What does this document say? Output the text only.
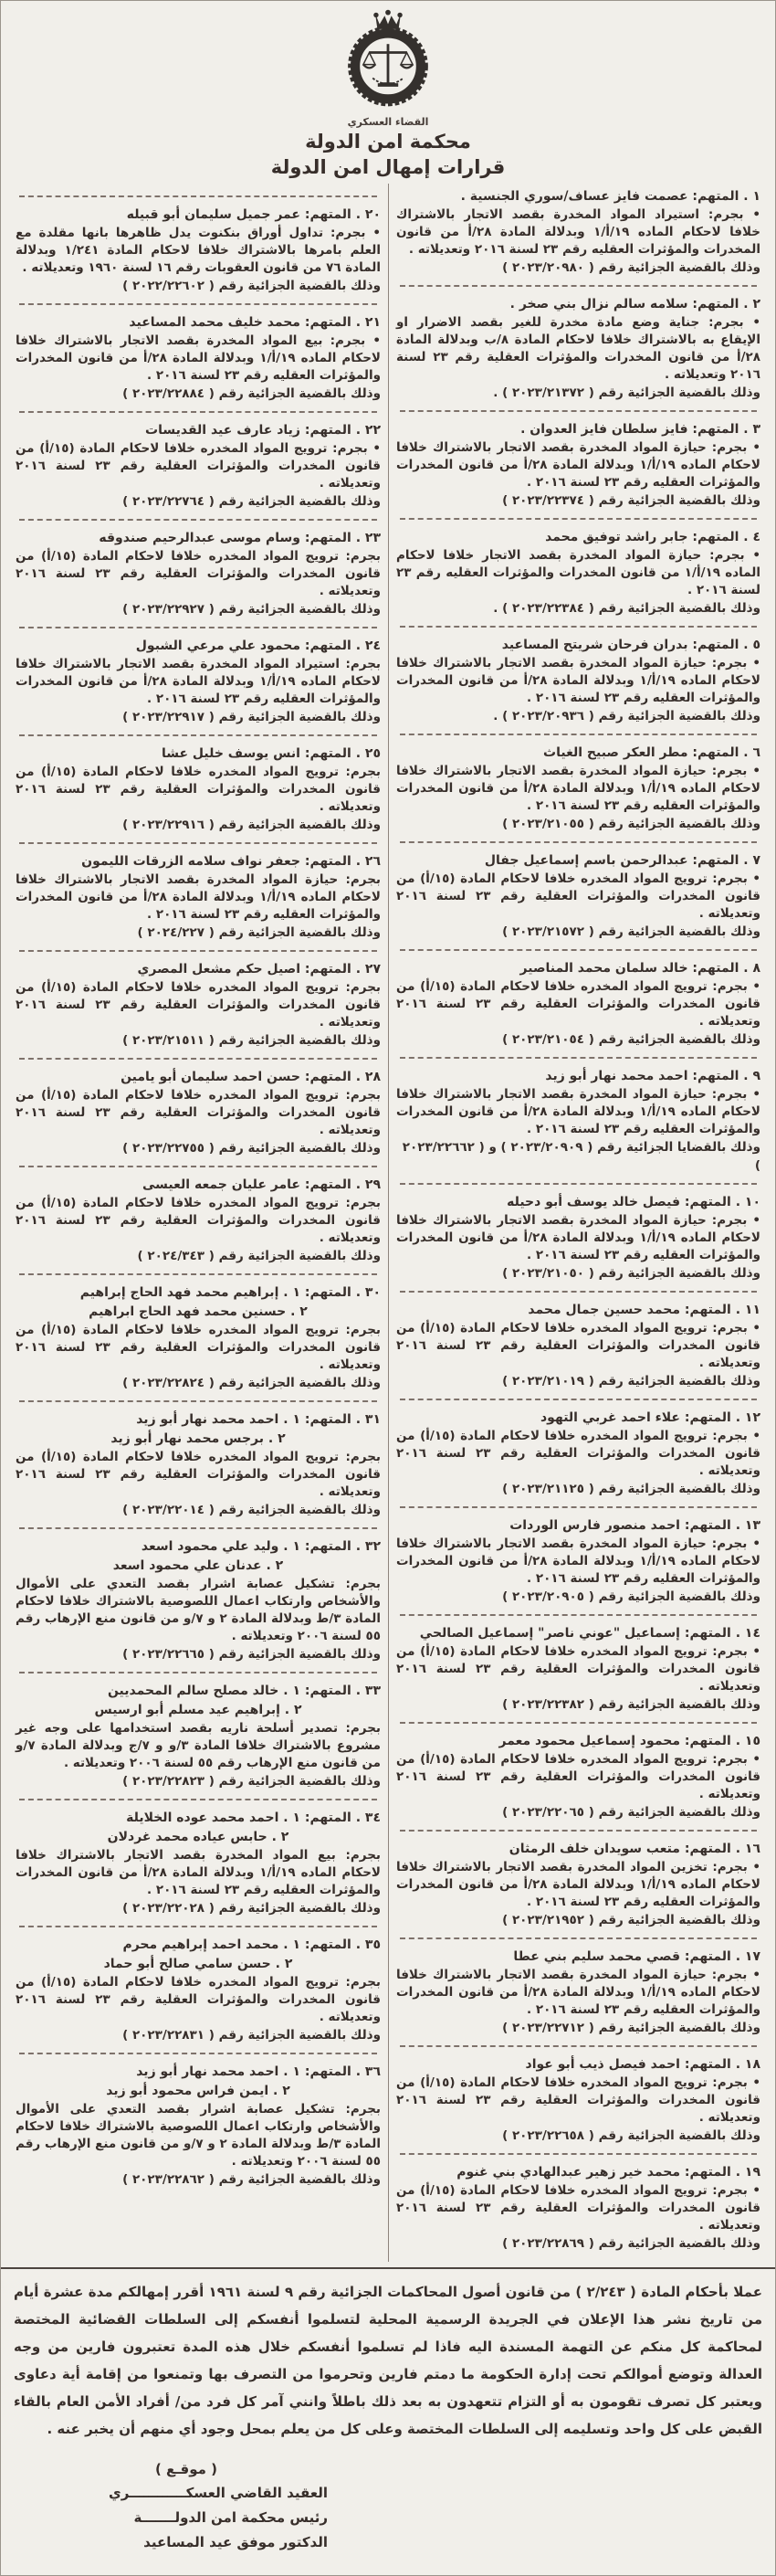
القضاء العسكري
محكمة امن الدولة
قرارات إمهال امن الدولة
١ . المتهم: عصمت فايز عساف/سوري الجنسية .
• بجرم: استيراد المواد المخدرة بقصد الاتجار بالاشتراك خلافا لاحكام الماده ١٩/أ/١ وبدلالة المادة ٢٨/أ من قانون المخدرات والمؤثرات العقليه رقم ٢٣ لسنة ٢٠١٦ وتعديلاته .
وذلك بالقضية الجزائية رقم ( ٢٠٢٣/٢٠٩٨٠ )
٢ . المتهم: سلامه سالم نزال بني صخر .
• بجرم: جناية وضع مادة مخدرة للغير بقصد الاضرار او الإيقاع به بالاشتراك خلافا لاحكام المادة ٨/ب وبدلالة المادة ٢٨/أ من قانون المخدرات والمؤثرات العقلية رقم ٢٣ لسنة ٢٠١٦ وتعديلاته .
وذلك بالقضية الجزائية رقم ( ٢٠٢٣/٢١٣٧٢ ) .
٣ . المتهم: فايز سلطان فايز العدوان .
• بجرم: حيازة المواد المخدرة بقصد الاتجار بالاشتراك خلافا لاحكام الماده ١٩/أ/١ وبدلالة المادة ٢٨/أ من قانون المخدرات والمؤثرات العقليه رقم ٢٣ لسنة ٢٠١٦ .
وذلك بالقضية الجزائية رقم ( ٢٠٢٣/٢٢٣٧٤ )
٤ . المتهم: جابر راشد توفيق محمد
• بجرم: حيازة المواد المخدرة بقصد الاتجار خلافا لاحكام الماده ١٩/أ/١ من قانون المخدرات والمؤثرات العقليه رقم ٢٣ لسنة ٢٠١٦ .
وذلك بالقضية الجزائية رقم ( ٢٠٢٣/٢٢٣٨٤ ) .
٥ . المتهم: بدران فرحان شريتح المساعيد
• بجرم: حيازة المواد المخدرة بقصد الاتجار بالاشتراك خلافا لاحكام الماده ١٩/أ/١ وبدلالة المادة ٢٨/أ من قانون المخدرات والمؤثرات العقليه رقم ٢٣ لسنة ٢٠١٦ .
وذلك بالقضية الجزائية رقم ( ٢٠٢٣/٢٠٩٣٦ ) .
٦ . المتهم: مطر العكر صبيح الغياث
• بجرم: حيازة المواد المخدرة بقصد الاتجار بالاشتراك خلافا لاحكام الماده ١٩/أ/١ وبدلالة المادة ٢٨/أ من قانون المخدرات والمؤثرات العقليه رقم ٢٣ لسنة ٢٠١٦ .
وذلك بالقضية الجزائية رقم ( ٢٠٢٣/٢١٠٥٥ )
٧ . المتهم: عبدالرحمن باسم إسماعيل جفال
• بجرم: ترويج المواد المخدره خلافا لاحكام المادة (١٥/أ) من قانون المخدرات والمؤثرات العقلية رقم ٢٣ لسنة ٢٠١٦ وتعديلاته .
وذلك بالقضية الجزائية رقم ( ٢٠٢٣/٢١٥٧٢ )
٨ . المتهم: خالد سلمان محمد المناصير
• بجرم: ترويج المواد المخدره خلافا لاحكام المادة (١٥/أ) من قانون المخدرات والمؤثرات العقلية رقم ٢٣ لسنة ٢٠١٦ وتعديلاته .
وذلك بالقضية الجزائية رقم ( ٢٠٢٣/٢١٠٥٤ )
٩ . المتهم: احمد محمد نهار أبو زيد
• بجرم: حيازة المواد المخدرة بقصد الاتجار بالاشتراك خلافا لاحكام الماده ١٩/أ/١ وبدلالة المادة ٢٨/أ من قانون المخدرات والمؤثرات العقليه رقم ٢٣ لسنة ٢٠١٦ .
وذلك بالقضايا الجزائية رقم ( ٢٠٢٣/٢٠٩٠٩ ) و ( ٢٠٢٣/٢٢٦٦٢ )
١٠ . المتهم: فيصل خالد يوسف أبو دحيله
• بجرم: حيازة المواد المخدرة بقصد الاتجار بالاشتراك خلافا لاحكام الماده ١٩/أ/١ وبدلالة المادة ٢٨/أ من قانون المخدرات والمؤثرات العقليه رقم ٢٣ لسنة ٢٠١٦ .
وذلك بالقضية الجزائية رقم ( ٢٠٢٣/٢١٠٥٠ )
١١ . المتهم: محمد حسين جمال محمد
• بجرم: ترويج المواد المخدره خلافا لاحكام المادة (١٥/أ) من قانون المخدرات والمؤثرات العقلية رقم ٢٣ لسنة ٢٠١٦ وتعديلاته .
وذلك بالقضية الجزائية رقم ( ٢٠٢٣/٢١٠١٩ )
١٢ . المتهم: علاء احمد غربي التهود
• بجرم: ترويج المواد المخدره خلافا لاحكام المادة (١٥/أ) من قانون المخدرات والمؤثرات العقلية رقم ٢٣ لسنة ٢٠١٦ وتعديلاته .
وذلك بالقضية الجزائية رقم ( ٢٠٢٣/٢١١٢٥ )
١٣ . المتهم: احمد منصور فارس الوردات
• بجرم: حيازة المواد المخدرة بقصد الاتجار بالاشتراك خلافا لاحكام الماده ١٩/أ/١ وبدلالة المادة ٢٨/أ من قانون المخدرات والمؤثرات العقليه رقم ٢٣ لسنة ٢٠١٦ .
وذلك بالقضية الجزائية رقم ( ٢٠٢٣/٢٠٩٠٥ )
١٤ . المتهم: إسماعيل "عوني ناصر" إسماعيل الصالحي
• بجرم: ترويج المواد المخدره خلافا لاحكام المادة (١٥/أ) من قانون المخدرات والمؤثرات العقلية رقم ٢٣ لسنة ٢٠١٦ وتعديلاته .
وذلك بالقضية الجزائية رقم ( ٢٠٢٣/٢٢٣٨٢ )
١٥ . المتهم: محمود إسماعيل محمود معمر
• بجرم: ترويج المواد المخدره خلافا لاحكام المادة (١٥/أ) من قانون المخدرات والمؤثرات العقلية رقم ٢٣ لسنة ٢٠١٦ وتعديلاته .
وذلك بالقضية الجزائية رقم ( ٢٠٢٣/٢٢٠٦٥ )
١٦ . المتهم: متعب سويدان خلف الرمثان
• بجرم: تخزين المواد المخدرة بقصد الاتجار بالاشتراك خلافا لاحكام الماده ١٩/أ/١ وبدلالة المادة ٢٨/أ من قانون المخدرات والمؤثرات العقليه رقم ٢٣ لسنة ٢٠١٦ .
وذلك بالقضية الجزائية رقم ( ٢٠٢٣/٢١٩٥٢ )
١٧ . المتهم: قصي محمد سليم بني عطا
• بجرم: حيازة المواد المخدرة بقصد الاتجار بالاشتراك خلافا لاحكام الماده ١٩/أ/١ وبدلالة المادة ٢٨/أ من قانون المخدرات والمؤثرات العقليه رقم ٢٣ لسنة ٢٠١٦ .
وذلك بالقضية الجزائية رقم ( ٢٠٢٣/٢٢٧١٢ )
١٨ . المتهم: احمد فيصل ذيب أبو عواد
• بجرم: ترويج المواد المخدره خلافا لاحكام المادة (١٥/أ) من قانون المخدرات والمؤثرات العقلية رقم ٢٣ لسنة ٢٠١٦ وتعديلاته .
وذلك بالقضية الجزائية رقم ( ٢٠٢٣/٢٢٦٥٨ )
١٩ . المتهم: محمد خير زهير عبدالهادي بني غنوم
• بجرم: ترويج المواد المخدره خلافا لاحكام المادة (١٥/أ) من قانون المخدرات والمؤثرات العقلية رقم ٢٣ لسنة ٢٠١٦ وتعديلاته .
وذلك بالقضية الجزائية رقم ( ٢٠٢٣/٢٢٨٦٩ )
٢٠ . المتهم: عمر جميل سليمان أبو قبيله
• بجرم: تداول أوراق بنكنوت يدل ظاهرها بانها مقلدة مع العلم بامرها بالاشتراك خلافا لاحكام المادة ١/٢٤١ وبدلالة المادة ٧٦ من قانون العقوبات رقم ١٦ لسنة ١٩٦٠ وتعديلاته .
وذلك بالقضية الجزائية رقم ( ٢٠٢٢/٢٢٦٠٢ )
٢١ . المتهم: محمد خليف محمد المساعيد
• بجرم: بيع المواد المخدرة بقصد الاتجار بالاشتراك خلافا لاحكام الماده ١٩/أ/١ وبدلالة المادة ٢٨/أ من قانون المخدرات والمؤثرات العقليه رقم ٢٣ لسنة ٢٠١٦ .
وذلك بالقضية الجزائية رقم ( ٢٠٢٣/٢٢٨٨٤ )
٢٢ . المتهم: زياد عارف عيد القديسات
• بجرم: ترويج المواد المخدره خلافا لاحكام المادة (١٥/أ) من قانون المخدرات والمؤثرات العقلية رقم ٢٣ لسنة ٢٠١٦ وتعديلاته .
وذلك بالقضية الجزائية رقم ( ٢٠٢٣/٢٢٧٦٤ )
٢٣ . المتهم: وسام موسى عبدالرحيم صندوقه
بجرم: ترويج المواد المخدره خلافا لاحكام المادة (١٥/أ) من قانون المخدرات والمؤثرات العقلية رقم ٢٣ لسنة ٢٠١٦ وتعديلاته .
وذلك بالقضية الجزائية رقم ( ٢٠٢٣/٢٢٩٢٧ )
٢٤ . المتهم: محمود علي مرعي الشبول
بجرم: استيراد المواد المخدرة بقصد الاتجار بالاشتراك خلافا لاحكام الماده ١٩/أ/١ وبدلالة المادة ٢٨/أ من قانون المخدرات والمؤثرات العقليه رقم ٢٣ لسنة ٢٠١٦ .
وذلك بالقضية الجزائية رقم ( ٢٠٢٣/٢٢٩١٧ )
٢٥ . المتهم: انس يوسف خليل عشا
بجرم: ترويج المواد المخدره خلافا لاحكام المادة (١٥/أ) من قانون المخدرات والمؤثرات العقلية رقم ٢٣ لسنة ٢٠١٦ وتعديلاته .
وذلك بالقضية الجزائية رقم ( ٢٠٢٣/٢٢٩١٦ )
٢٦ . المتهم: جعفر نواف سلامه الزرقات الليمون
بجرم: حيازة المواد المخدرة بقصد الاتجار بالاشتراك خلافا لاحكام الماده ١٩/أ/١ وبدلالة المادة ٢٨/أ من قانون المخدرات والمؤثرات العقليه رقم ٢٣ لسنة ٢٠١٦ .
وذلك بالقضية الجزائية رقم ( ٢٠٢٤/٢٢٧ )
٢٧ . المتهم: اصيل حكم مشعل المصري
بجرم: ترويج المواد المخدره خلافا لاحكام المادة (١٥/أ) من قانون المخدرات والمؤثرات العقلية رقم ٢٣ لسنة ٢٠١٦ وتعديلاته .
وذلك بالقضية الجزائية رقم ( ٢٠٢٣/٢١٥١١ )
٢٨ . المتهم: حسن احمد سليمان أبو يامين
بجرم: ترويج المواد المخدره خلافا لاحكام المادة (١٥/أ) من قانون المخدرات والمؤثرات العقلية رقم ٢٣ لسنة ٢٠١٦ وتعديلاته .
وذلك بالقضية الجزائية رقم ( ٢٠٢٣/٢٢٧٥٥ )
٢٩ . المتهم: عامر عليان جمعه العيسى
بجرم: ترويج المواد المخدره خلافا لاحكام المادة (١٥/أ) من قانون المخدرات والمؤثرات العقلية رقم ٢٣ لسنة ٢٠١٦ وتعديلاته .
وذلك بالقضية الجزائية رقم ( ٢٠٢٤/٣٤٣ )
٣٠ . المتهم: ١ . إبراهيم محمد فهد الحاج إبراهيم
٢ . حسنين محمد فهد الحاج ابراهيم
بجرم: ترويج المواد المخدره خلافا لاحكام المادة (١٥/أ) من قانون المخدرات والمؤثرات العقلية رقم ٢٣ لسنة ٢٠١٦ وتعديلاته .
وذلك بالقضية الجزائية رقم ( ٢٠٢٣/٢٢٨٢٤ )
٣١ . المتهم: ١ . احمد محمد نهار أبو زيد
٢ . برجس محمد نهار أبو زيد
بجرم: ترويج المواد المخدره خلافا لاحكام المادة (١٥/أ) من قانون المخدرات والمؤثرات العقلية رقم ٢٣ لسنة ٢٠١٦ وتعديلاته .
وذلك بالقضية الجزائية رقم ( ٢٠٢٣/٢٢٠١٤ )
٣٢ . المتهم: ١ . وليد علي محمود اسعد
٢ . عدنان علي محمود اسعد
بجرم: تشكيل عصابة اشرار بقصد التعدي على الأموال والأشخاص وارتكاب اعمال اللصوصية بالاشتراك خلافا لاحكام المادة ٣/ط وبدلالة المادة ٢ و ٧/و من قانون منع الإرهاب رقم ٥٥ لسنة ٢٠٠٦ وتعديلاته .
وذلك بالقضية الجزائية رقم ( ٢٠٢٣/٢٢٦٦٥ )
٣٣ . المتهم: ١ . خالد مصلح سالم المحمديين
٢ . إبراهيم عيد مسلم أبو ارسيس
بجرم: تصدير أسلحة ناريه بقصد استخدامها على وجه غير مشروع بالاشتراك خلافا المادة ٣/و و ٧/ج وبدلالة المادة ٧/و من قانون منع الإرهاب رقم ٥٥ لسنة ٢٠٠٦ وتعديلاته .
وذلك بالقضية الجزائية رقم ( ٢٠٢٣/٢٢٨٢٣ )
٣٤ . المتهم: ١ . احمد محمد عوده الخلايلة
٢ . حابس عياده محمد غردلان
بجرم: بيع المواد المخدرة بقصد الاتجار بالاشتراك خلافا لاحكام الماده ١٩/أ/١ وبدلالة المادة ٢٨/أ من قانون المخدرات والمؤثرات العقليه رقم ٢٣ لسنة ٢٠١٦ .
وذلك بالقضية الجزائية رقم ( ٢٠٢٣/٢٢٠٢٨ )
٣٥ . المتهم: ١ . محمد احمد إبراهيم محرم
٢ . حسن سامي صالح أبو حماد
بجرم: ترويج المواد المخدره خلافا لاحكام المادة (١٥/أ) من قانون المخدرات والمؤثرات العقلية رقم ٢٣ لسنة ٢٠١٦ وتعديلاته .
وذلك بالقضية الجزائية رقم ( ٢٠٢٣/٢٢٨٣١ )
٣٦ . المتهم: ١ . احمد محمد نهار أبو زيد
٢ . ايمن فراس محمود أبو زيد
بجرم: تشكيل عصابة اشرار بقصد التعدي على الأموال والأشخاص وارتكاب اعمال اللصوصية بالاشتراك خلافا لاحكام المادة ٣/ط وبدلالة المادة ٢ و ٧/و من قانون منع الإرهاب رقم ٥٥ لسنة ٢٠٠٦ وتعديلاته .
وذلك بالقضية الجزائية رقم ( ٢٠٢٣/٢٢٨٦٢ )
عملا بأحكام المادة ( ٢/٢٤٣ ) من قانون أصول المحاكمات الجزائية رقم ٩ لسنة ١٩٦١ أقرر إمهالكم مدة عشرة أيام من تاريخ نشر هذا الإعلان في الجريدة الرسمية المحلية لتسلموا أنفسكم إلى السلطات القضائية المختصة لمحاكمة كل منكم عن التهمة المسندة اليه فاذا لم تسلموا أنفسكم خلال هذه المدة تعتبرون فارين من وجه العدالة وتوضع أموالكم تحت إدارة الحكومة ما دمتم فارين وتحرموا من التصرف بها وتمنعوا من إقامة أية دعاوى ويعتبر كل تصرف تقومون به أو التزام تتعهدون به بعد ذلك باطلاً وانني آمر كل فرد من/ أفراد الأمن العام بالقاء القبض على كل واحد وتسليمه إلى السلطات المختصة وعلى كل من يعلم بمحل وجود أي منهم أن يخبر عنه .
( موقـع )
العقيد القاضي العسكــــــــــــري
رئيس محكمة امن الدولـــــــة
الدكتور موفق عيد المساعيد
